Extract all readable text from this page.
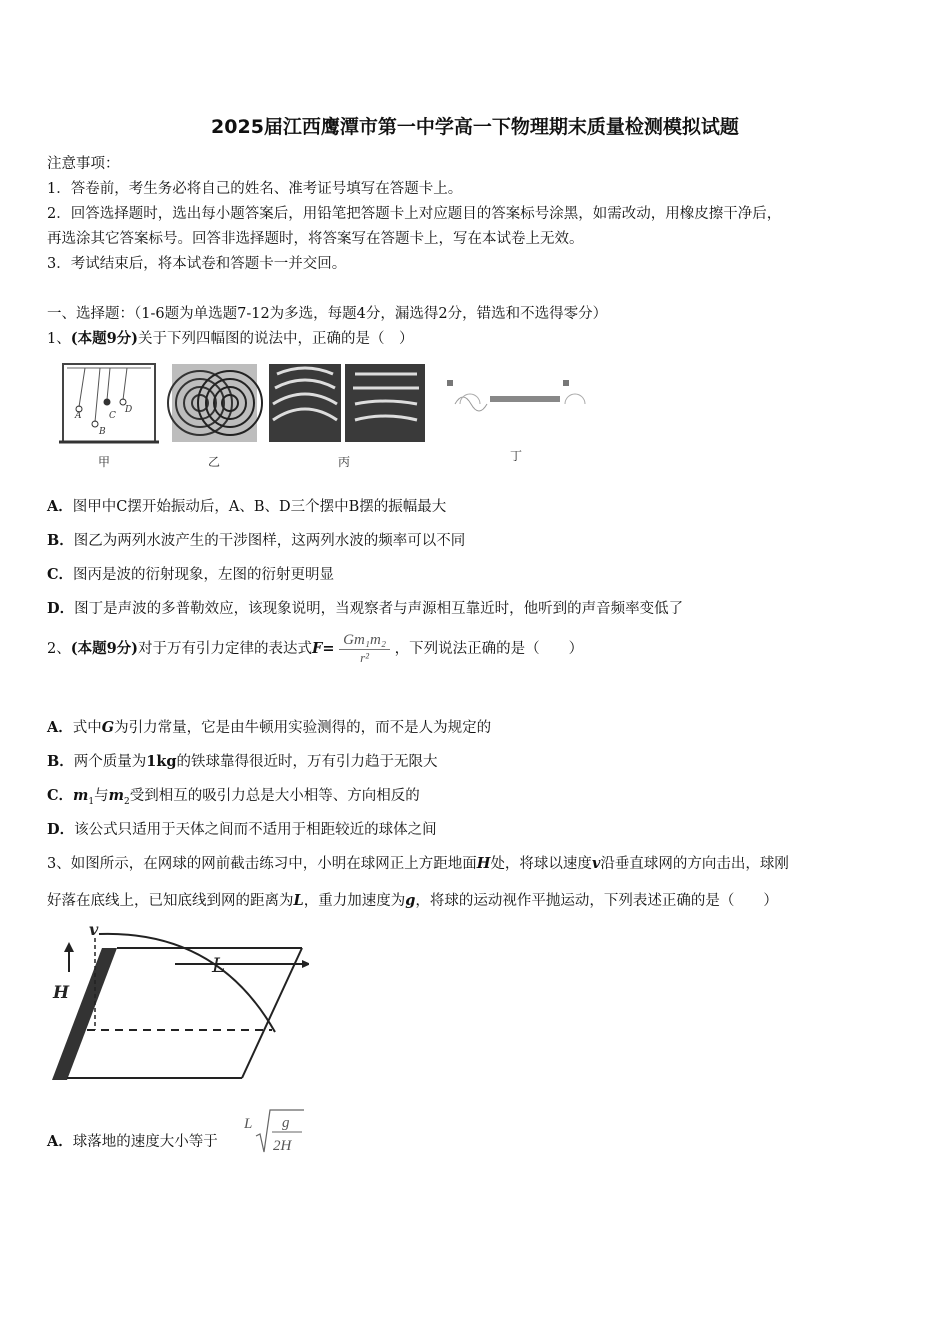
2025届江西鹰潭市第一中学高一下物理期末质量检测模拟试题
注意事项：
1．答卷前，考生务必将自己的姓名、准考证号填写在答题卡上。
2．回答选择题时，选出每小题答案后，用铅笔把答题卡上对应题目的答案标号涂黑，如需改动，用橡皮擦干净后，
再选涂其它答案标号。回答非选择题时，将答案写在答题卡上，写在本试卷上无效。
3．考试结束后，将本试卷和答题卡一并交回。
一、选择题：（1-6题为单选题7-12为多选，每题4分，漏选得2分，错选和不选得零分）
1、(本题9分)关于下列四幅图的说法中，正确的是（　）
A
B
C
D
甲	乙	丙	丁
A．图甲中C摆开始振动后，A、B、D三个摆中B摆的振幅最大
B．图乙为两列水波产生的干涉图样，这两列水波的频率可以不同
C．图丙是波的衍射现象，左图的衍射更明显
D．图丁是声波的多普勒效应，该现象说明，当观察者与声源相互靠近时，他听到的声音频率变低了
2、(本题9分)对于万有引力定律的表达式$F= \frac{\text{Gm₁m₂}}{\text{r²}}$ ，下列说法正确的是（　　）
A．式中G为引力常量，它是由牛顿用实验测得的，而不是人为规定的
B．两个质量为1kg的铁球靠得很近时，万有引力趋于无限大
C．$m_1$与$m_2$受到相互的吸引力总是大小相等、方向相反的
D．该公式只适用于天体之间而不适用于相距较近的球体之间
3、如图所示，在网球的网前截击练习中，小明在球网正上方距地面H处，将球以速度v沿垂直球网的方向击出，球刚
好落在底线上，已知底线到网的距离为L，重力加速度为g，将球的运动视作平抛运动，下列表述正确的是（　　）
v
H
L
A．球落地的速度大小等于
L g
2H
